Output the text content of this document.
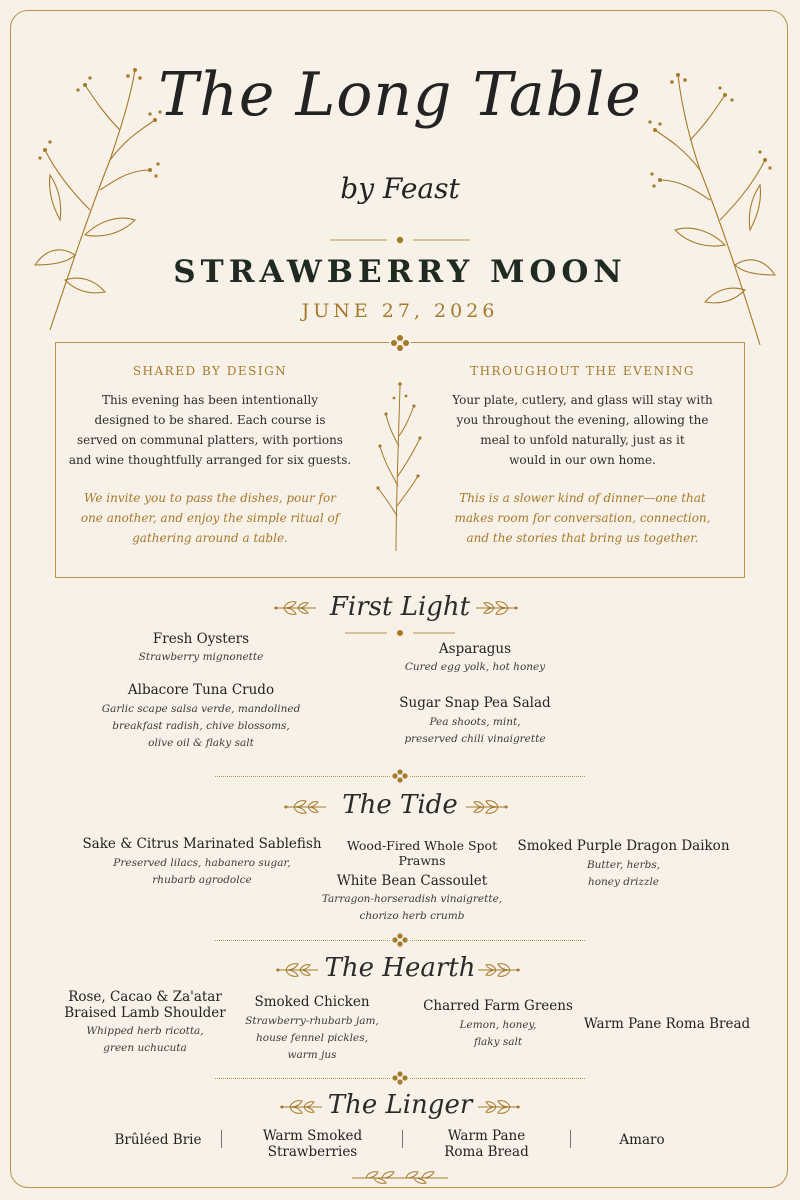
The Long Table
by Feast
STRAWBERRY MOON
JUNE 27, 2026
SHARED BY DESIGN
This evening has been intentionally
designed to be shared. Each course is
served on communal platters, with portions
and wine thoughtfully arranged for six guests.
We invite you to pass the dishes, pour for
one another, and enjoy the simple ritual of
gathering around a table.
THROUGHOUT THE EVENING
Your plate, cutlery, and glass will stay with
you throughout the evening, allowing the
meal to unfold naturally, just as it
would in our own home.
This is a slower kind of dinner—one that
makes room for conversation, connection,
and the stories that bring us together.
First Light
Fresh Oysters
Strawberry mignonette
Albacore Tuna Crudo
Garlic scape salsa verde, mandolined
breakfast radish, chive blossoms,
olive oil & flaky salt
Asparagus
Cured egg yolk, hot honey
Sugar Snap Pea Salad
Pea shoots, mint,
preserved chili vinaigrette
The Tide
Sake & Citrus Marinated Sablefish
Preserved lilacs, habanero sugar,
rhubarb agrodolce
Wood-Fired Whole Spot Prawns
White Bean Cassoulet
Tarragon-horseradish vinaigrette,
chorizo herb crumb
Smoked Purple Dragon Daikon
Butter, herbs,
honey drizzle
The Hearth
Rose, Cacao & Za'atar
Braised Lamb Shoulder
Whipped herb ricotta,
green uchucuta
Smoked Chicken
Strawberry-rhubarb jam,
house fennel pickles,
warm jus
Charred Farm Greens
Lemon, honey,
flaky salt
Warm Pane Roma Bread
The Linger
Brûléed Brie	Warm Smoked
Strawberries
Warm Pane
Roma Bread
Amaro
